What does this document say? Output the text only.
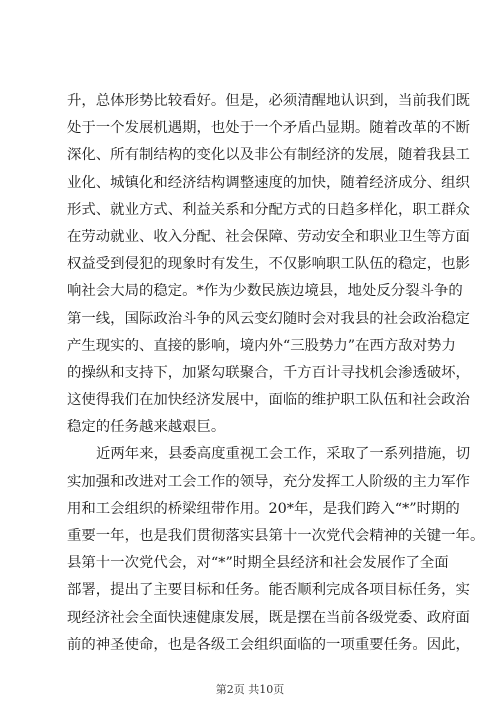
升，总体形势比较看好。但是，必须清醒地认识到，当前我们既
处于一个发展机遇期，也处于一个矛盾凸显期。随着改革的不断
深化、所有制结构的变化以及非公有制经济的发展，随着我县工
业化、城镇化和经济结构调整速度的加快，随着经济成分、组织
形式、就业方式、利益关系和分配方式的日趋多样化，职工群众
在劳动就业、收入分配、社会保障、劳动安全和职业卫生等方面
权益受到侵犯的现象时有发生，不仅影响职工队伍的稳定，也影
响社会大局的稳定。*作为少数民族边境县，地处反分裂斗争的
第一线，国际政治斗争的风云变幻随时会对我县的社会政治稳定
产生现实的、直接的影响，境内外“三股势力”在西方敌对势力
的操纵和支持下，加紧勾联聚合，千方百计寻找机会渗透破坏，
这使得我们在加快经济发展中，面临的维护职工队伍和社会政治
稳定的任务越来越艰巨。
近两年来，县委高度重视工会工作，采取了一系列措施，切
实加强和改进对工会工作的领导，充分发挥工人阶级的主力军作
用和工会组织的桥梁纽带作用。20*年，是我们跨入“*”时期的
重要一年，也是我们贯彻落实县第十一次党代会精神的关键一年。
县第十一次党代会，对“*”时期全县经济和社会发展作了全面
部署，提出了主要目标和任务。能否顺利完成各项目标任务，实
现经济社会全面快速健康发展，既是摆在当前各级党委、政府面
前的神圣使命，也是各级工会组织面临的一项重要任务。因此，
第2页 共10页
